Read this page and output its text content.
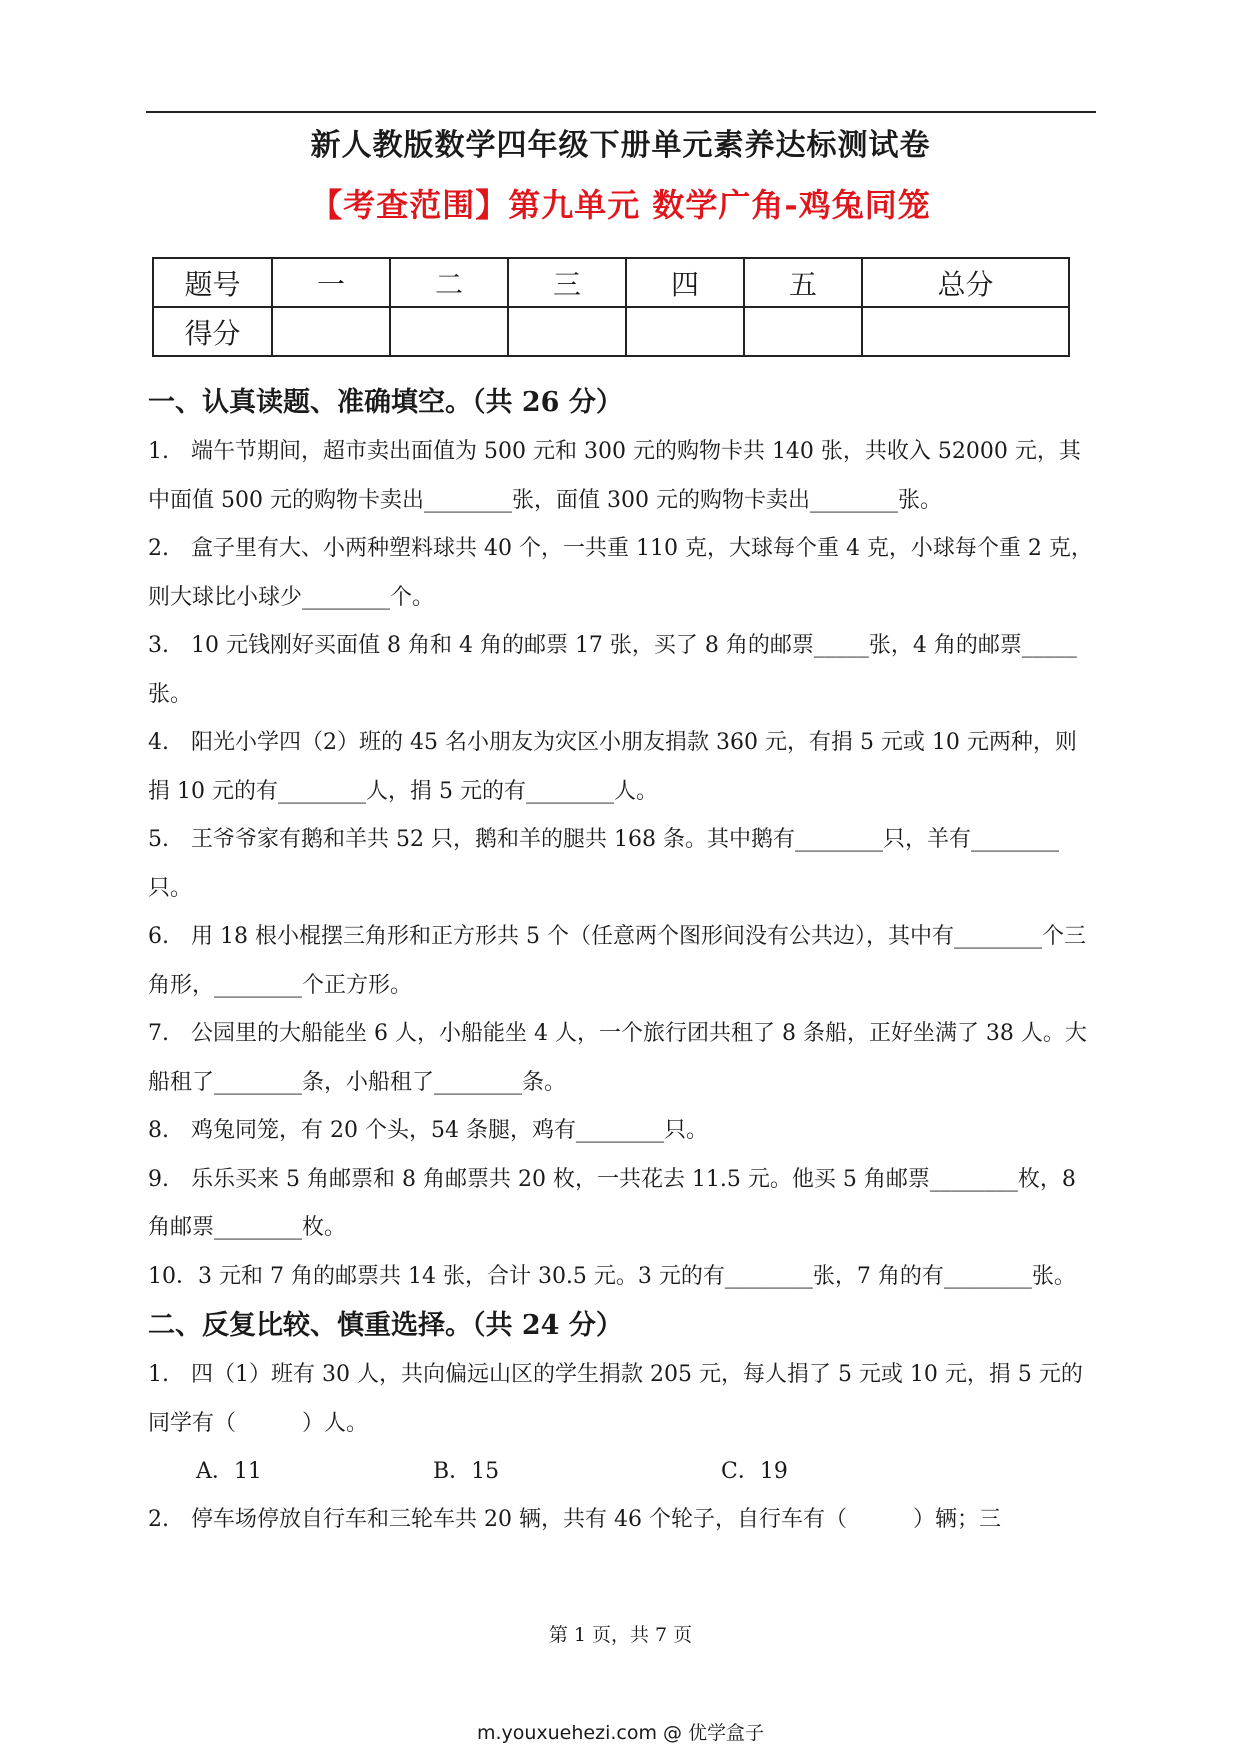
新人教版数学四年级下册单元素养达标测试卷
【考查范围】第九单元 数学广角-鸡兔同笼
题号	一	二	三	四	五	总分
得分						
一、认真读题、准确填空。（共 26 分）

1.　端午节期间，超市卖出面值为 500 元和 300 元的购物卡共 140 张，共收入 52000 元，其中面值 500 元的购物卡卖出________张，面值 300 元的购物卡卖出________张。

2.　盒子里有大、小两种塑料球共 40 个，一共重 110 克，大球每个重 4 克，小球每个重 2 克，则大球比小球少________个。

3.　10 元钱刚好买面值 8 角和 4 角的邮票 17 张，买了 8 角的邮票_____张，4 角的邮票_____张。

4.　阳光小学四（2）班的 45 名小朋友为灾区小朋友捐款 360 元，有捐 5 元或 10 元两种，则捐 10 元的有________人，捐 5 元的有________人。

5.　王爷爷家有鹅和羊共 52 只，鹅和羊的腿共 168 条。其中鹅有________只，羊有________只。

6.　用 18 根小棍摆三角形和正方形共 5 个（任意两个图形间没有公共边），其中有________个三角形，________个正方形。

7.　公园里的大船能坐 6 人，小船能坐 4 人，一个旅行团共租了 8 条船，正好坐满了 38 人。大船租了________条，小船租了________条。

8.　鸡兔同笼，有 20 个头，54 条腿，鸡有________只。

9.　乐乐买来 5 角邮票和 8 角邮票共 20 枚，一共花去 11.5 元。他买 5 角邮票________枚，8 角邮票________枚。

10．3 元和 7 角的邮票共 14 张，合计 30.5 元。3 元的有________张，7 角的有________张。

二、反复比较、慎重选择。（共 24 分）

1.　四（1）班有 30 人，共向偏远山区的学生捐款 205 元，每人捐了 5 元或 10 元，捐 5 元的同学有（　　　）人。

A．11	B．15	C．19

2.　停车场停放自行车和三轮车共 20 辆，共有 46 个轮子，自行车有（　　　）辆；三

第 1 页，共 7 页
m.youxuehezi.com @ 优学盒子
